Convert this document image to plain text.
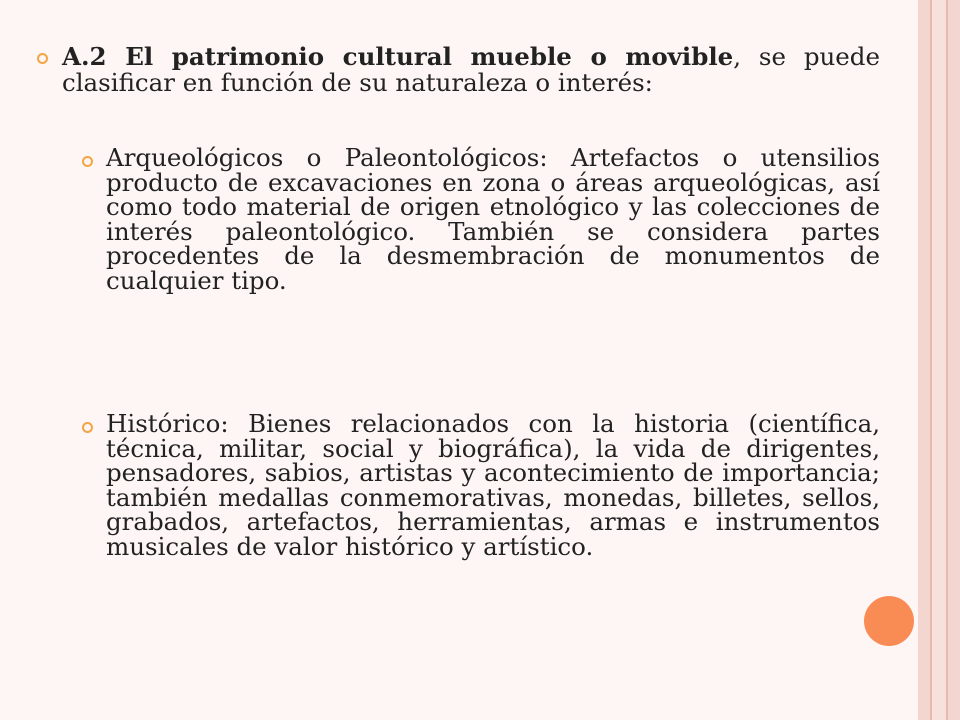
A.2 El patrimonio cultural mueble o movible, se puede clasificar en función de su naturaleza o interés:

Arqueológicos o Paleontológicos: Artefactos o utensilios producto de excavaciones en zona o áreas arqueológicas, así como todo material de origen etnológico y las colecciones de interés paleontológico. También se considera partes procedentes de la desmembración de monumentos de cualquier tipo.

Histórico: Bienes relacionados con la historia (científica, técnica, militar, social y biográfica), la vida de dirigentes, pensadores, sabios, artistas y acontecimiento de importancia; también medallas conmemorativas, monedas, billetes, sellos, grabados, artefactos, herramientas, armas e instrumentos musicales de valor histórico y artístico.
